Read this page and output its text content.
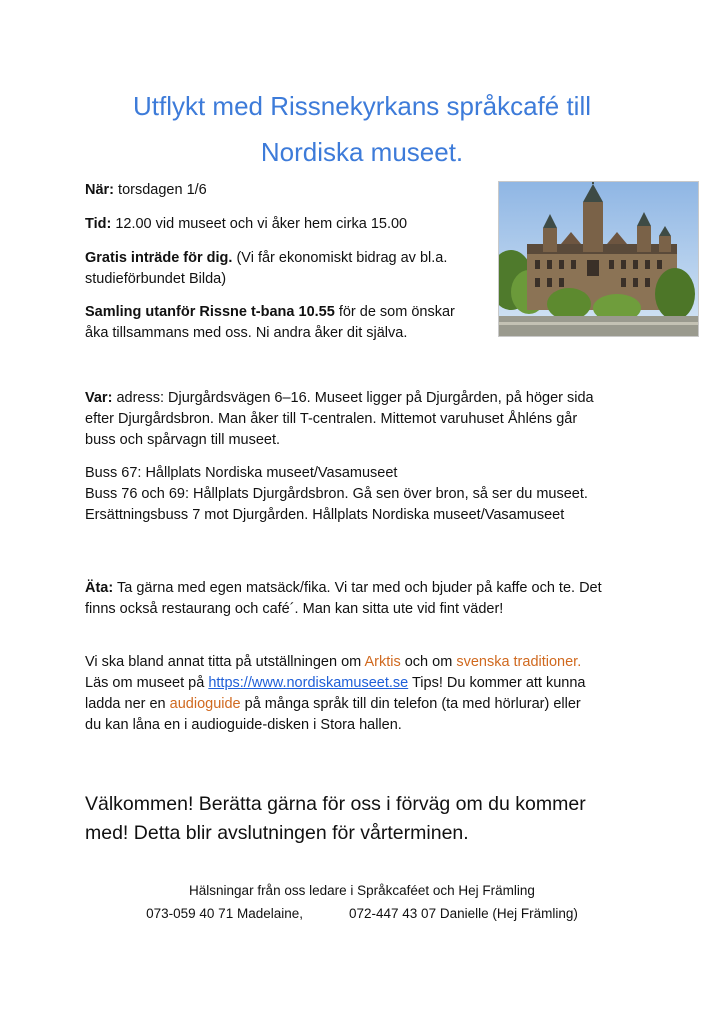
Utflykt med Rissnekyrkans språkcafé till
Nordiska museet.

När: torsdagen 1/6

Tid: 12.00 vid museet och vi åker hem cirka 15.00

Gratis inträde för dig. (Vi får ekonomiskt bidrag av bl.a.
studieförbundet Bilda)

Samling utanför Rissne t-bana 10.55 för de som önskar
åka tillsammans med oss. Ni andra åker dit själva.

Var: adress: Djurgårdsvägen 6–16. Museet ligger på Djurgården, på höger sida
efter Djurgårdsbron. Man åker till T-centralen. Mittemot varuhuset Åhléns går
buss och spårvagn till museet.

Buss 67: Hållplats Nordiska museet/Vasamuseet
Buss 76 och 69: Hållplats Djurgårdsbron. Gå sen över bron, så ser du museet.
Ersättningsbuss 7 mot Djurgården. Hållplats Nordiska museet/Vasamuseet

Äta: Ta gärna med egen matsäck/fika. Vi tar med och bjuder på kaffe och te. Det
finns också restaurang och café´. Man kan sitta ute vid fint väder!

Vi ska bland annat titta på utställningen om Arktis och om svenska traditioner.
Läs om museet på https://www.nordiskamuseet.se Tips! Du kommer att kunna
ladda ner en audioguide på många språk till din telefon (ta med hörlurar) eller
du kan låna en i audioguide-disken i Stora hallen.

Välkommen! Berätta gärna för oss i förväg om du kommer
med! Detta blir avslutningen för vårterminen.

Hälsningar från oss ledare i Språkcaféet och Hej Främling

073-059 40 71 Madelaine,	072-447 43 07 Danielle (Hej Främling)
